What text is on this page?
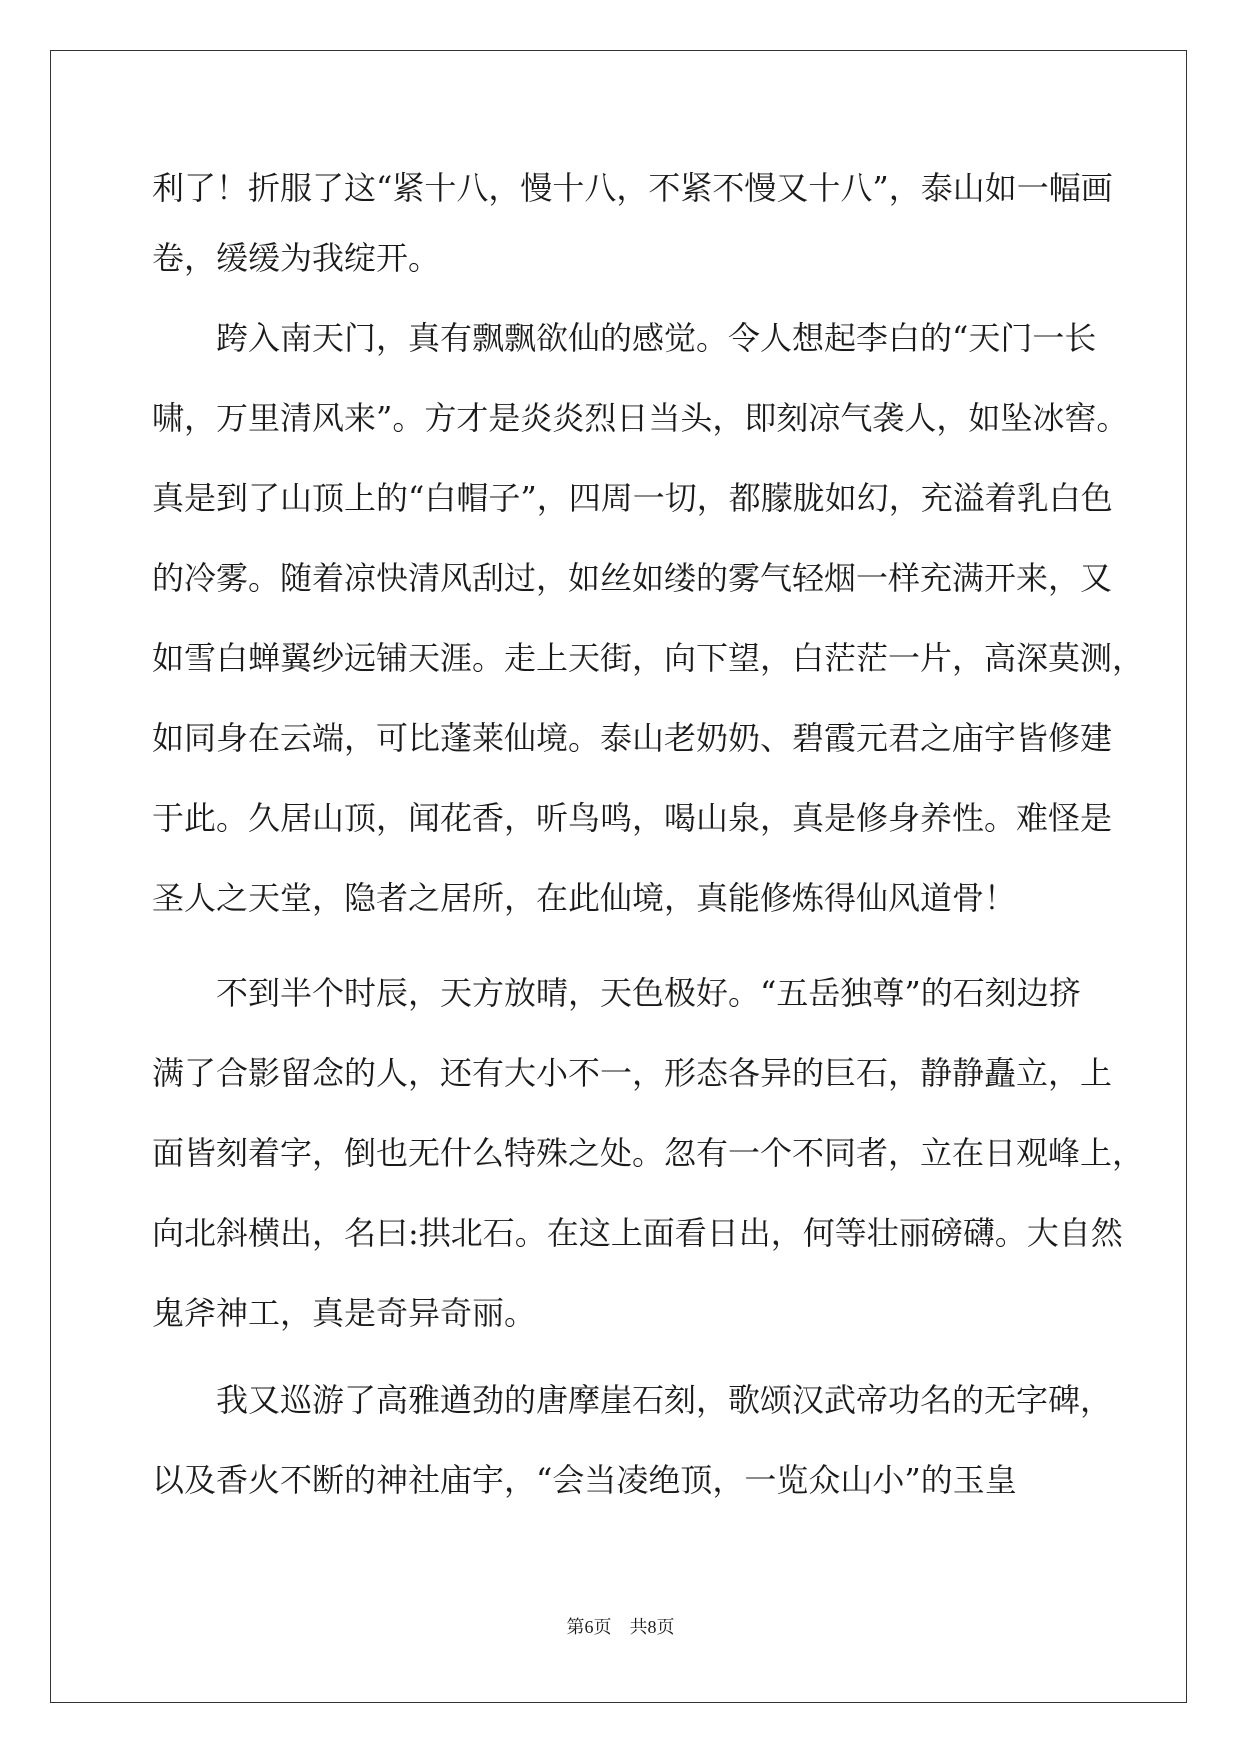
利了！折服了这“紧十八，慢十八，不紧不慢又十八”，泰山如一幅画
卷，缓缓为我绽开。
跨入南天门，真有飘飘欲仙的感觉。令人想起李白的“天门一长
啸，万里清风来”。方才是炎炎烈日当头，即刻凉气袭人，如坠冰窖。
真是到了山顶上的“白帽子”，四周一切，都朦胧如幻，充溢着乳白色
的冷雾。随着凉快清风刮过，如丝如缕的雾气轻烟一样充满开来，又
如雪白蝉翼纱远铺天涯。走上天街，向下望，白茫茫一片，高深莫测，
如同身在云端，可比蓬莱仙境。泰山老奶奶、碧霞元君之庙宇皆修建
于此。久居山顶，闻花香，听鸟鸣，喝山泉，真是修身养性。难怪是
圣人之天堂，隐者之居所，在此仙境，真能修炼得仙风道骨！
不到半个时辰，天方放晴，天色极好。“五岳独尊”的石刻边挤
满了合影留念的人，还有大小不一，形态各异的巨石，静静矗立，上
面皆刻着字，倒也无什么特殊之处。忽有一个不同者，立在日观峰上，
向北斜横出，名曰:拱北石。在这上面看日出，何等壮丽磅礴。大自然
鬼斧神工，真是奇异奇丽。
我又巡游了高雅遒劲的唐摩崖石刻，歌颂汉武帝功名的无字碑，
以及香火不断的神社庙宇，“会当凌绝顶，一览众山小”的玉皇
第6页　共8页
